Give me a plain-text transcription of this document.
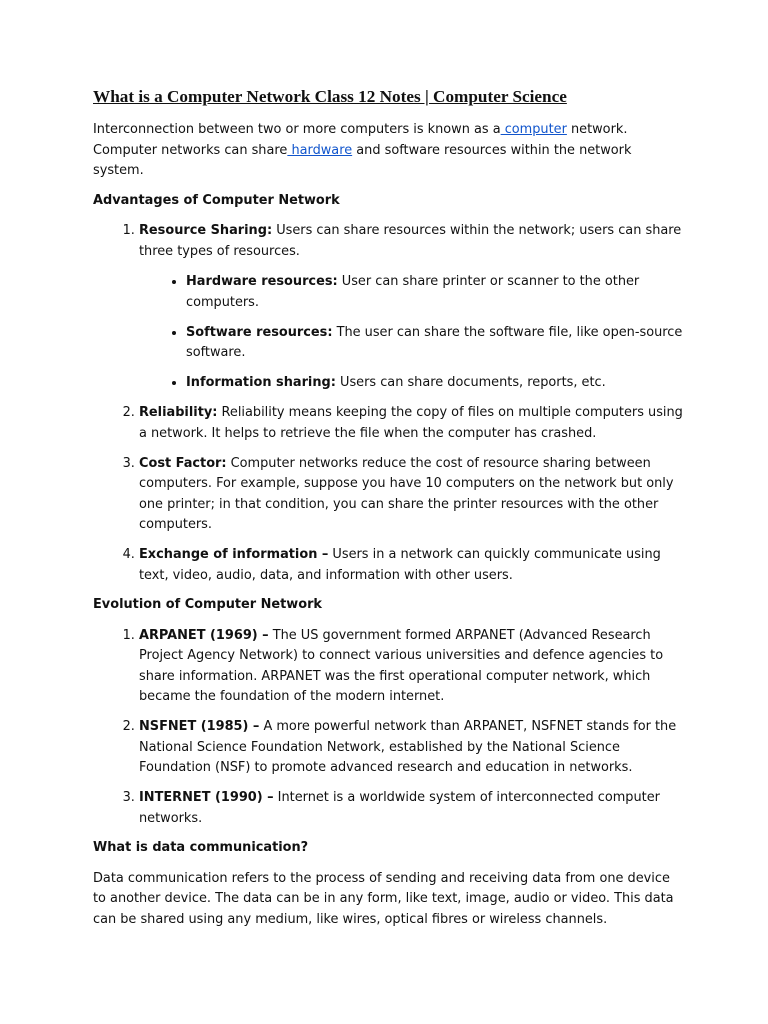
What is a Computer Network Class 12 Notes | Computer Science

Interconnection between two or more computers is known as a computer network.
Computer networks can share hardware and software resources within the network system.

Advantages of Computer Network
1. Resource Sharing: Users can share resources within the network; users can share three types of resources.
• Hardware resources: User can share printer or scanner to the other computers.
• Software resources: The user can share the software file, like open-source software.
• Information sharing: Users can share documents, reports, etc.
2. Reliability: Reliability means keeping the copy of files on multiple computers using a network. It helps to retrieve the file when the computer has crashed.
3. Cost Factor: Computer networks reduce the cost of resource sharing between computers. For example, suppose you have 10 computers on the network but only one printer; in that condition, you can share the printer resources with the other computers.
4. Exchange of information – Users in a network can quickly communicate using text, video, audio, data, and information with other users.
Evolution of Computer Network
1. ARPANET (1969) – The US government formed ARPANET (Advanced Research Project Agency Network) to connect various universities and defence agencies to share information. ARPANET was the first operational computer network, which became the foundation of the modern internet.
2. NSFNET (1985) – A more powerful network than ARPANET, NSFNET stands for the National Science Foundation Network, established by the National Science Foundation (NSF) to promote advanced research and education in networks.
3. INTERNET (1990) – Internet is a worldwide system of interconnected computer networks.
What is data communication?

Data communication refers to the process of sending and receiving data from one device to another device. The data can be in any form, like text, image, audio or video. This data can be shared using any medium, like wires, optical fibres or wireless channels.
